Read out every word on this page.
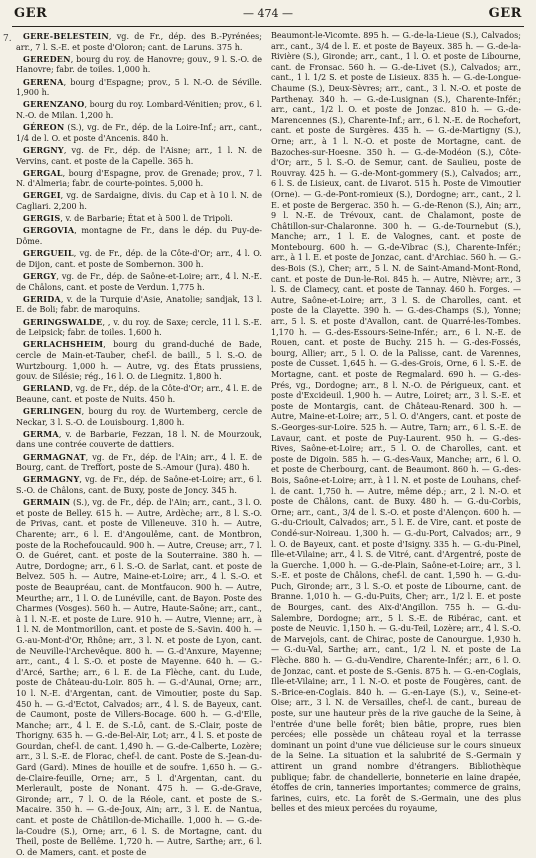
GER	— 474 —	GER
7.	GERE-BELESTEIN, vg. de Fr., dép. des B.-Pyrénées; arr., 7 l. S.-E. et poste d'Oloron; cant. de Laruns. 375 h.

GEREDEN, bourg du roy. de Hanovre; gouv., 9 l. S.-O. de Hanovre; fabr. de toiles. 1,000 h.

GERENA, bourg d'Espagne; prov., 5 l. N.-O. de Séville. 1,900 h.

GERENZANO, bourg du roy. Lombard-Vénitien; prov., 6 l. N.-O. de Milan. 1,200 h.

GÉREON (S.), vg. de Fr., dép. de la Loire-Inf.; arr., cant., 1/4 de l. O. et poste d'Ancenis. 840 h.

GERGNY, vg. de Fr., dép. de l'Aisne; arr., 1 l. N. de Vervins, cant. et poste de la Capelle. 365 h.

GERGAL, bourg d'Espagne, prov. de Grenade; prov., 7 l. N. d'Almeria; fabr. de courte-pointes. 5,000 h.

GERGEI, vg. de Sardaigne, divis. du Cap et à 10 l. N. de Cagliari. 2,200 h.

GERGIS, v. de Barbarie; État et à 500 l. de Tripoli.

GERGOVIA, montagne de Fr., dans le dép. du Puy-de-Dôme.

GERGUEIL, vg. de Fr., dép. de la Côte-d'Or; arr., 4 l. O. de Dijon, cant. et poste de Sombernon. 300 h.

GERGY, vg. de Fr., dép. de Saône-et-Loire; arr., 4 l. N.-E. de Châlons, cant. et poste de Verdun. 1,775 h.

GERIDA, v. de la Turquie d'Asie, Anatolie; sandjak, 13 l. E. de Boli; fabr. de maroquins.

GERINGSWALDE, , v. du roy. de Saxe; cercle, 11 l. S.-E. de Leipsick; fabr. de toiles. 1,600 h.

GERLACHSHEIM, bourg du grand-duché de Bade, cercle de Main-et-Tauber, chef-l. de baill., 5 l. S.-O. de Wurtzbourg. 1,000 h. — Autre, vg. des États prussiens, gouv. de Silésie; rég., 16 l. O. de Liegnitz. 1,800 h.

GERLAND, vg. de Fr., dép. de la Côte-d'Or; arr., 4 l. E. de Beaune, cant. et poste de Nuits. 450 h.

GERLINGEN, bourg du roy. de Wurtemberg, cercle de Neckar, 3 l. S.-O. de Louisbourg. 1,800 h.

GERMA, v. de Barbarie, Fezzan, 18 l. N. de Mourzouk, dans une contrée couverte de dattiers.

GERMAGNAT, vg. de Fr., dép. de l'Ain; arr., 4 l. E. de Bourg, cant. de Treffort, poste de S.-Amour (Jura). 480 h.

GERMAGNY, vg. de Fr., dép. de Saône-et-Loire; arr., 6 l. S.-O. de Châlons, cant. de Buxy, poste de Joncy. 345 h.

GERMAIN (S.), vg. de Fr., dép. de l'Ain; arr., cant., 3 l. O. et poste de Belley. 615 h. — Autre, Ardèche; arr., 8 l. S.-O. de Privas, cant. et poste de Villeneuve. 310 h. — Autre, Charente; arr., 6 l. E. d'Angoulême, cant. de Montbron, poste de la Rochefoucauld. 900 h. — Autre, Creuse; arr., 7 l. O. de Guéret, cant. et poste de la Souterraine. 380 h. — Autre, Dordogne; arr., 6 l. S.-O. de Sarlat, cant. et poste de Belvez. 505 h. — Autre, Maine-et-Loire; arr., 4 l. S.-O. et poste de Beaupréau, cant. de Montfaucon. 900 h. — Autre, Meurthe; arr., 1 l. O. de Lunéville, cant. de Bayon. Poste des Charmes (Vosges). 560 h. — Autre, Haute-Saône; arr., cant., à 1 l. N.-E. et poste de Lure. 910 h. — Autre, Vienne; arr., à 1 l. N. de Montmorillon, cant. et poste de S.-Savin. 400 h. — G.-au-Mont-d'Or, Rhône; arr., 3 l. N. et poste de Lyon, cant. de Neuville-l'Archevêque. 800 h. — G.-d'Anxure, Mayenne; arr., cant., 4 l. S.-O. et poste de Mayenne. 640 h. — G.-d'Arcé, Sarthe; arr., 6 l. E. de La Flèche, cant. du Lude, poste de Château-du-Loir. 805 h. — G.-d'Aunai, Orne; arr., 10 l. N.-E. d'Argentan, cant. de Vimoutier, poste du Sap. 450 h. — G.-d'Ectot, Calvados; arr., 4 l. S. de Bayeux, cant. de Caumont, poste de Villers-Bocage. 600 h. — G.-d'Elle, Manche; arr., 4 l. E. de S.-Lô, cant. de S.-Clair, poste de Thorigny. 635 h. — G.-de-Bel-Air, Lot; arr., 4 l. S. et poste de Gourdan, chef-l. de cant. 1,490 h. — G.-de-Calberte, Lozère; arr., 3 l. S.-E. de Florac, chef-l. de cant. Poste de S.-Jean-du-Gard (Gard). Mines de houille et de soufre. 1,650 h. — G.-de-Claire-feuille, Orne; arr., 5 l. d'Argentan, cant. du Merlerault, poste de Nonant. 475 h. — G.-de-Grave, Gironde; arr., 7 l. O. de la Réole, cant. et poste de S.-Macaire. 350 h. — G.-de-Joux, Ain; arr., 3 l. E. de Nantua, cant. et poste de Châtillon-de-Michaille. 1,000 h. — G.-de-la-Coudre (S.), Orne; arr., 6 l. S. de Mortagne, cant. du Theil, poste de Bellême. 1,720 h. — Autre, Sarthe; arr., 6 l. O. de Mamers, cant. et poste de

Beaumont-le-Vicomte. 895 h. — G.-de-la-Lieue (S.), Calvados; arr., cant., 3/4 de l. E. et poste de Bayeux. 385 h. — G.-de-la-Rivière (S.), Gironde; arr., cant., 1 l. O. et poste de Libourne, cant. de Fronsac. 560 h. — G.-de-Livet (S.), Calvados; arr., cant., 1 l. 1/2 S. et poste de Lisieux. 835 h. — G.-de-Longue-Chaume (S.), Deux-Sèvres; arr., cant., 3 l. N.-O. et poste de Parthenay. 340 h. — G.-de-Lusignan (S.), Charente-Infér.; arr., cant., 1/2 l. O. et poste de Jonzac. 810 h. — G.-de-Marencennes (S.), Charente-Inf.; arr., 6 l. N.-E. de Rochefort, cant. et poste de Surgères. 435 h. — G.-de-Martigny (S.), Orne; arr., à 1 l. N.-O. et poste de Mortagne, cant. de Bazoches-sur-Hoesne. 350 h. — G.-de-Modéon (S.), Côte-d'Or; arr., 5 l. S.-O. de Semur, cant. de Saulieu, poste de Rouvray. 425 h. — G.-de-Mont-gommery (S.), Calvados; arr., 6 l. S. de Lisieux, cant. de Livarot. 515 h. Poste de Vimoutier (Orne). — G.-de-Pont-romieux (S.), Dordogne; arr., cant., 2 l. E. et poste de Bergerac. 350 h. — G.-de-Renon (S.), Ain; arr., 9 l. N.-E. de Trévoux, cant. de Chalamont, poste de Châtillon-sur-Chalaronne. 300 h. — G.-de-Tournebut (S.), Manche; arr., 1 l. E. de Valognes, cant. et poste de Montebourg. 600 h. — G.-de-Vibrac (S.), Charente-Infér.; arr., à 1 l. E. et poste de Jonzac, cant. d'Archiac. 560 h. — G.-des-Bois (S.), Cher; arr., 5 l. N. de Saint-Amand-Mont-Rond, cant. et poste de Dun-le-Roi. 845 h. — Autre, Nièvre; arr., 3 l. S. de Clamecy, cant. et poste de Tannay. 460 h. Forges. — Autre, Saône-et-Loire; arr., 3 l. S. de Charolles, cant. et poste de la Clayette. 390 h. — G.-des-Champs (S.), Yonne; arr., 5 l. S. et poste d'Avallon, cant. de Quarré-les-Tombes. 1,170 h. — G.-des-Essours-Seine-Infér.; arr., 6 l. N.-E. de Rouen, cant. et poste de Buchy. 215 h. — G.-des-Fossés, bourg, Allier; arr., 5 l. O. de la Palisse, cant. de Varennes, poste de Cusset. 1,645 h. — G.-des-Grois, Orne, 6 l. S.-E. de Mortagne, cant. et poste de Regmalard. 690 h. — G.-des-Prés, vg., Dordogne; arr., 8 l. N.-O. de Périgueux, cant. et poste d'Excideuil. 1,900 h. — Autre, Loiret; arr., 3 l. S.-E. et poste de Montargis, cant. de Château-Renard. 300 h. — Autre, Maine-et-Loire; arr., 5 l. O. d'Angers, cant. et poste de S.-Georges-sur-Loire. 525 h. — Autre, Tarn; arr., 6 l. S.-E. de Lavaur, cant. et poste de Puy-Laurent. 950 h. — G.-des-Rives, Saône-et-Loire; arr., 5 l. O. de Charolles, cant. et poste de Digoin. 585 h. — G.-des-Vaux, Manche; arr., 6 l. O. et poste de Cherbourg, cant. de Beaumont. 860 h. — G.-des-Bois, Saône-et-Loire; arr., à 1 l. N. et poste de Louhans, chef-l. de cant. 1,750 h. — Autre, même dép.; arr., 2 l. N.-O. et poste de Châlons, cant. de Buxy. 480 h. — G.-du-Corbis, Orne; arr., cant., 3/4 de l. S.-O. et poste d'Alençon. 600 h. — G.-du-Crioult, Calvados; arr., 5 l. E. de Vire, cant. et poste de Condé-sur-Noireau. 1,300 h. — G.-du-Port, Calvados; arr., 9 l. O. de Bayeux, cant. et poste d'Isigny. 335 h. — G.-du-Pinel, Ille-et-Vilaine; arr., 4 l. S. de Vitré, cant. d'Argentré, poste de la Guerche. 1,000 h. — G.-de-Plain, Saône-et-Loire; arr., 3 l. S.-E. et poste de Châlons, chef-l. de cant. 1,590 h. — G.-du-Puch, Gironde; arr., 3 l. S.-O. et poste de Libourne, cant. de Branne. 1,010 h. — G.-du-Puits, Cher; arr., 1/2 l. E. et poste de Bourges, cant. des Aix-d'Angillon. 755 h. — G.-du-Salembre, Dordogne; arr., 5 l. S.-E. de Ribérac, cant. et poste de Neuvic. 1,150 h. — G.-du-Teil, Lozère; arr., 4 l. S.-O. de Marvejols, cant. de Chirac, poste de Canourgue. 1,930 h. — G.-du-Val, Sarthe; arr., cant., 1/2 l. N. et poste de La Flèche. 880 h. — G.-du-Vendire, Charente-Infér.; arr., 6 l. O. de Jonzac, cant. et poste de S.-Genis. 875 h. — G.-en-Coglais, Ille-et-Vilaine; arr., 1 l. N.-O. et poste de Fougères, cant. de S.-Brice-en-Coglais. 840 h. — G.-en-Laye (S.), v., Seine-et-Oise; arr., 3 l. N. de Versailles, chef-l. de cant., bureau de poste, sur une hauteur près de la rive gauche de la Seine, à l'entrée d'une belle forêt; bien bâtie, propre, rues bien percées; elle possède un château royal et la terrasse dominant un point d'une vue délicieuse sur le cours sinueux de la Seine. La situation et la salubrité de S.-Germain y attirent un grand nombre d'étrangers. Bibliothèque publique; fabr. de chandellerie, bonneterie en laine drapée, étoffes de crin, tanneries importantes; commerce de grains, farines, cuirs, etc. La forêt de S.-Germain, une des plus belles et des mieux percées du royaume,
